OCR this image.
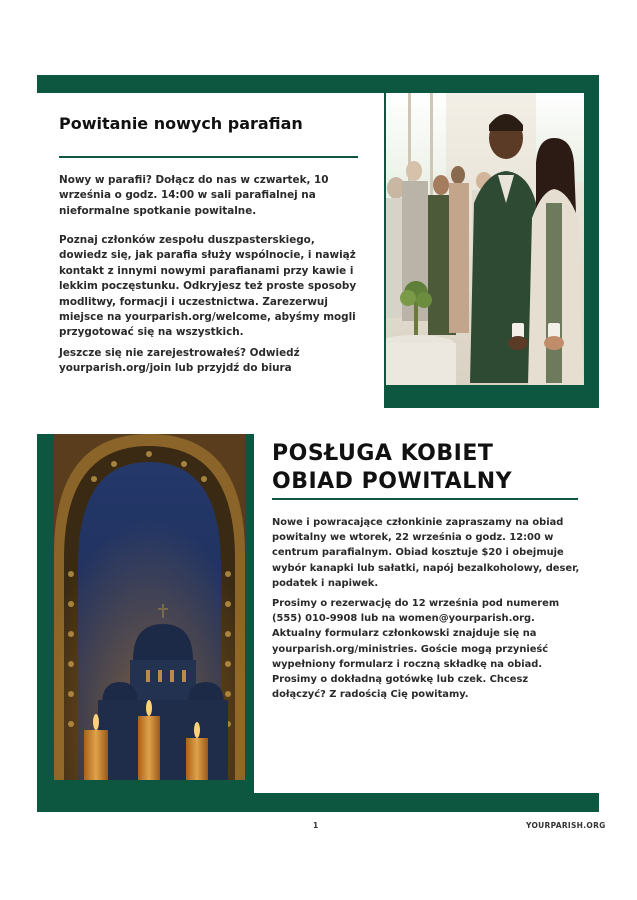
Powitanie nowych parafian
Nowy w parafii? Dołącz do nas w czwartek, 10 września o godz. 14:00 w sali parafialnej na nieformalne spotkanie powitalne.
Poznaj członków zespołu duszpasterskiego, dowiedz się, jak parafia służy wspólnocie, i nawiąż kontakt z innymi nowymi parafianami przy kawie i lekkim poczęstunku. Odkryjesz też proste sposoby modlitwy, formacji i uczestnictwa. Zarezerwuj miejsce na yourparish.org/welcome, abyśmy mogli przygotować się na wszystkich.
Jeszcze się nie zarejestrowałeś? Odwiedź yourparish.org/join lub przyjdź do biura
POSŁUGA KOBIET
OBIAD POWITALNY
Nowe i powracające członkinie zapraszamy na obiad powitalny we wtorek, 22 września o godz. 12:00 w centrum parafialnym. Obiad kosztuje $20 i obejmuje wybór kanapki lub sałatki, napój bezalkoholowy, deser, podatek i napiwek.
Prosimy o rezerwację do 12 września pod numerem (555) 010-9908 lub na women@yourparish.org. Aktualny formularz członkowski znajduje się na yourparish.org/ministries. Goście mogą przynieść wypełniony formularz i roczną składkę na obiad. Prosimy o dokładną gotówkę lub czek. Chcesz dołączyć? Z radością Cię powitamy.
1	YOURPARISH.ORG
